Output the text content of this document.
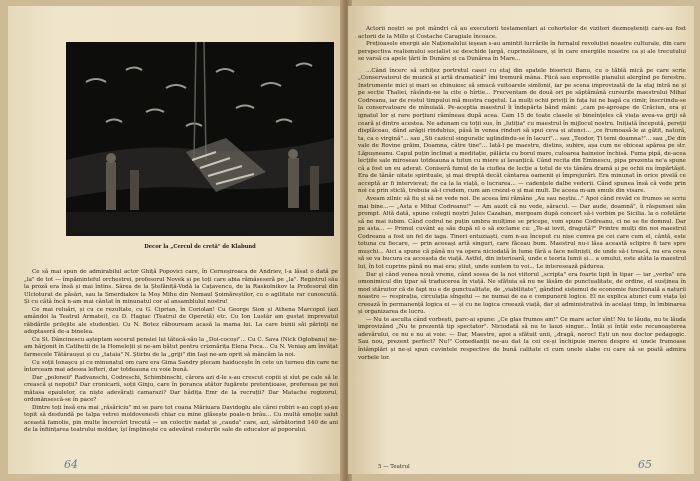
Decor la „Cercul de cretă" de Klabund

Ce să mai spun de admirabilul actor Ghiță Popovici care, în Cerneșiroaca de Andriev, l-a lăsat o dată pe „la" de tot — împăminteful orchestrei, profesorul Novek și pe toți care abia rămăseseră pe „la". Registrul său la proză era însă și mai întins. Sârea de la Ștefăniță-Vodă la Cațavencu, de la Raskolnikov la Profesorul din Ulcioturat de păsări, sau la Smerdiakov la Moș Mihu din Nemaul Șoimăreștilor, cu o agilitate rar cunoscută. Și cu câtă încă n-am mai cântat în minunatul cor al ansamblului nostru!

Ce mai reluări, și cu ce rezultate, cu G. Ciprian, în Coriolan! Cu George Sion și Athena Marcopol (azi amândoi la Teatrul Armatei), cu D. Hagiac (Teatrul de Operetă) etc. Cu Ion Lustâr am gustat imprevatul răbdările prilejite ale studenției. Cu N. Botez răbouream acasă la mama lui. La care bunii săi părinți ne adoptaseră de-a binelea.

Cu St. Dâncinescu așteptam secerul pensiei lui tătucă-său la „Doi-cocoși"... Cu C. Sava (Nick Oglobanu) ne-am hărjonit în Catihetii de la Homeleții și ne-am bătut pentru crizmărița Elena Foca... Cu N. Veniaș am învățat farmecele Tătăraușui și cu „tataia" N. Știrbu de la „griji" din Iași ne-am oprit să mâncăm la noi.

Cu soții Ionașcu și cu minunatul om care era Gima Sandry plecam haiducește în cete un turneu din care ne întorceam mai adesea lefteri, dar totdeauna cu voie bună.

Dar „poloneii" Radvanschi, Codreschi, Schimbinschi, cărora azi d-le s-au crescut copiii și sîut pe cale să le crească și nepoții? Dar cronicarii, soții Ginju, care în poranca atâtor fugărete pretențioase, prefereau pe noi mătasa epaulelor, ca niște adevărați camarazi? Dar hădița Emr de la recruții? Dar Matache regizorul, ordonănsescă-se în pace?

Dintre toți însă era mai „răsăriciu" mi se pare tot coana Măriuara Davidoglu ale cărei robiri s-au copt și-au topit să desfundă pe talpa vetrei moldovenesti chiar cu mine glăsește poale-n brâu... Cu multă emoție salut această famolie, pin multe încercări trecută — un colectiv nadat și „cauda" care, azi, sărbătorind 140 de ani de la înființarea teatrului moldav, își împlinește cu adevărat costurile sale de educator al poporului.

64

Actorii noștri se pot mândri că au executorii testamentari ai cohortelor de vizitori dezmoșteniți care-au fost actorii de la Millo și Costache Caragiale încoace.

Prețioasele energii ale Naționalului ieșean s-au amintit lucrările în furnalul revoluției noastre culturale, din care perspectiva realismului socialist se deschide largă, cuprinzătoare, și în care energiile noastre ca și ale trecutului se varsă ca apele țării în Dunăre și ca Dunărea în Mare...

...Când încerc să schițez portretul casei cu etaj din spatele bisericii Banu, cu o tăblă mică pe care scrie „Conservatorul de muzică și artă dramatică" îmi tremură mâna. Fiică sau expresiile pianului alergînd pe ferestre. Instrumente mici și mari se chinuiesc să smucă vuitoarele simfonii, iar pe scena improvizată de la etaj intră ne și pe secție Thaliei, răsîndu-ne la cite o hîrtie... Frecventam de două ori pe săptămână cursurile maestrului Mihai Codreanu, iar de restul timpului mă mustra cugetul. La mulți ochii priviți în fața lui ne bagă cu cimir, înscriindu-se la conservatoare de mînuială. Pe-aceptia maestrul îi îndepărta bând mâni: „cam pe-aproape de Crăciun, era și ignatul lor și rare porțiuni rămîneau după acea. Cam 15 de toate clasele și bineînțeles că viața avea-va griji să ceară și dintre acestea. Ne adunam cu toții sus, în „lutiția" cu maestrul în mijlocul nostru. Inițiată începută, pereții displăceau, dând arăgii rindubius, păsă în venea rinduri să spui ceva și atunci... „ce frumoasă-le ai gătit, natură, ta, ca o virgină"... sau „Sti cazicul singuratic uglindindu-se în lacuri"... sau „Teodor, Ți temi doamna!"... sau „De din vale de Rovine grăim, Doamna, câtre tine"... Iată-l pe maestru, distins, subire, așa cum ne obiceai apărea pe str. Lăpușneanu. Capul puțin înclinat a meditație, pălăria cu borul mare, culoarea haineior închisă. Fuma pipă, de-acea lecțiile sale miroseau totdeauna a tutun cu miere și lavanțică. Când recita din Eminescu, pipa prezenta ne'a spune că a fost un eu aderat. Coniseră fumul de la ciuflea de lecție a totul de vis tânăra dramă și pe ochii nu împărtășit. Era de tânăr uitate spirituale, și mai dreptă decât cântarea oamenii și împrejurări. Era minunat în orice pivelă ce acceptă ar fi intervievat; fie ca la la viață, o lucrarea... — cadențele dalbe vederii. Când spunea însă că vede prin noi ca prin sticlă, trebuia să-l credem, cum am crezut-o și mai mult. De aceea m-am smuls din visare.

Aveam zilnic să fiu și să ne vede noi. De aceea îmi rămâne „Au sau neștiu..." Apoi când revăd ce frumos se scriu mai bine...— „Asta e Mihai Codreanu!" — Am auzit că nu vede, săracul. — Dar aude, doamnă", îi răspunsei său prompt. Altă dată, spune colegii noștri Jules Cazaban, mergeam după concert să-i vorbim pe Sicilia. la o cofetărie să ne mai iubim. Când codrul ne puțin umbra mulțime se pricepe, vom spune Codreanu, ci ne se fie domnul. Dar pe asta... — Primul cuvânt aș său după el o să exclame cu: „Te-ai iovit, dragută?" Printre mulți din noi maestrul Codreanu a fost un fel de iaga. Tineri entuziaști, cum n-au început cu nișe cumva pe cei care cum el, cântă, este totuna cu fiecare, — prin aceeași artă singuri, care făceau bum. Maestrul nu-i lăsa această sclipire fi tare spre mușchi... Aici a spune că până nu va opera niciodată în lume fără a face neliniști, de unde să-i treacă, nu era ceva să se va bucura ca acceasta de viață. Astfel, din interioară, unde e teoria lumii și... a omului, este atâta la maestrul lui, în tot cuprins până nu mai era; știut, unde suntem tu voi... Le interesează pădurea.

Dar și când venea nouă vreme, când sosea de la noi viitorul „scripta" era foarte lipit în tipar — iar „verba" era omonimicul din tipar să traducerea în viață. Ne sfătuia să nu ne lăsăm de punctualitate, de ordine, el susținea în mod stăruitor că de fapt nu e de punctualitate, de „viabilitate", gândind sistemul de economie funcțională a naturii noastre — respirația, circulația sîngelui — ne numai de ea e compunerii logice. El ne explica atunci cum viața își creează în permanență logica ei — și cu ne logica creează viață, dar și administrativă în același timp, în îmbinarea și organizarea de lucru.

— Nu te asculta când vorbești, parc-ai spune: „Ce glas frumos am!" Ce mare actor sînt! Nu te lăuda, nu te lăuda improvizând „Nu te prezentă tip spectator". Niciodată să nu te lauzi singur... Întâi și întâi este recunoașterea adevărului, ce nu e nu ai voie: — Dar, Maestre, apoi a sfătuit unii, „dragă, noroc! Ești un nou doctor pedagogic. Sau nou, prezent perfect? Nu!" Comedianții ne-au dat la cei ce-și închipuie mereu despre ei unele frumoase întâmplări și ne-și spun cuvintele respective de bună calitate ci cum unele slabe cu care să se poată admira vorbele lor.

5 — Teatrul	65
